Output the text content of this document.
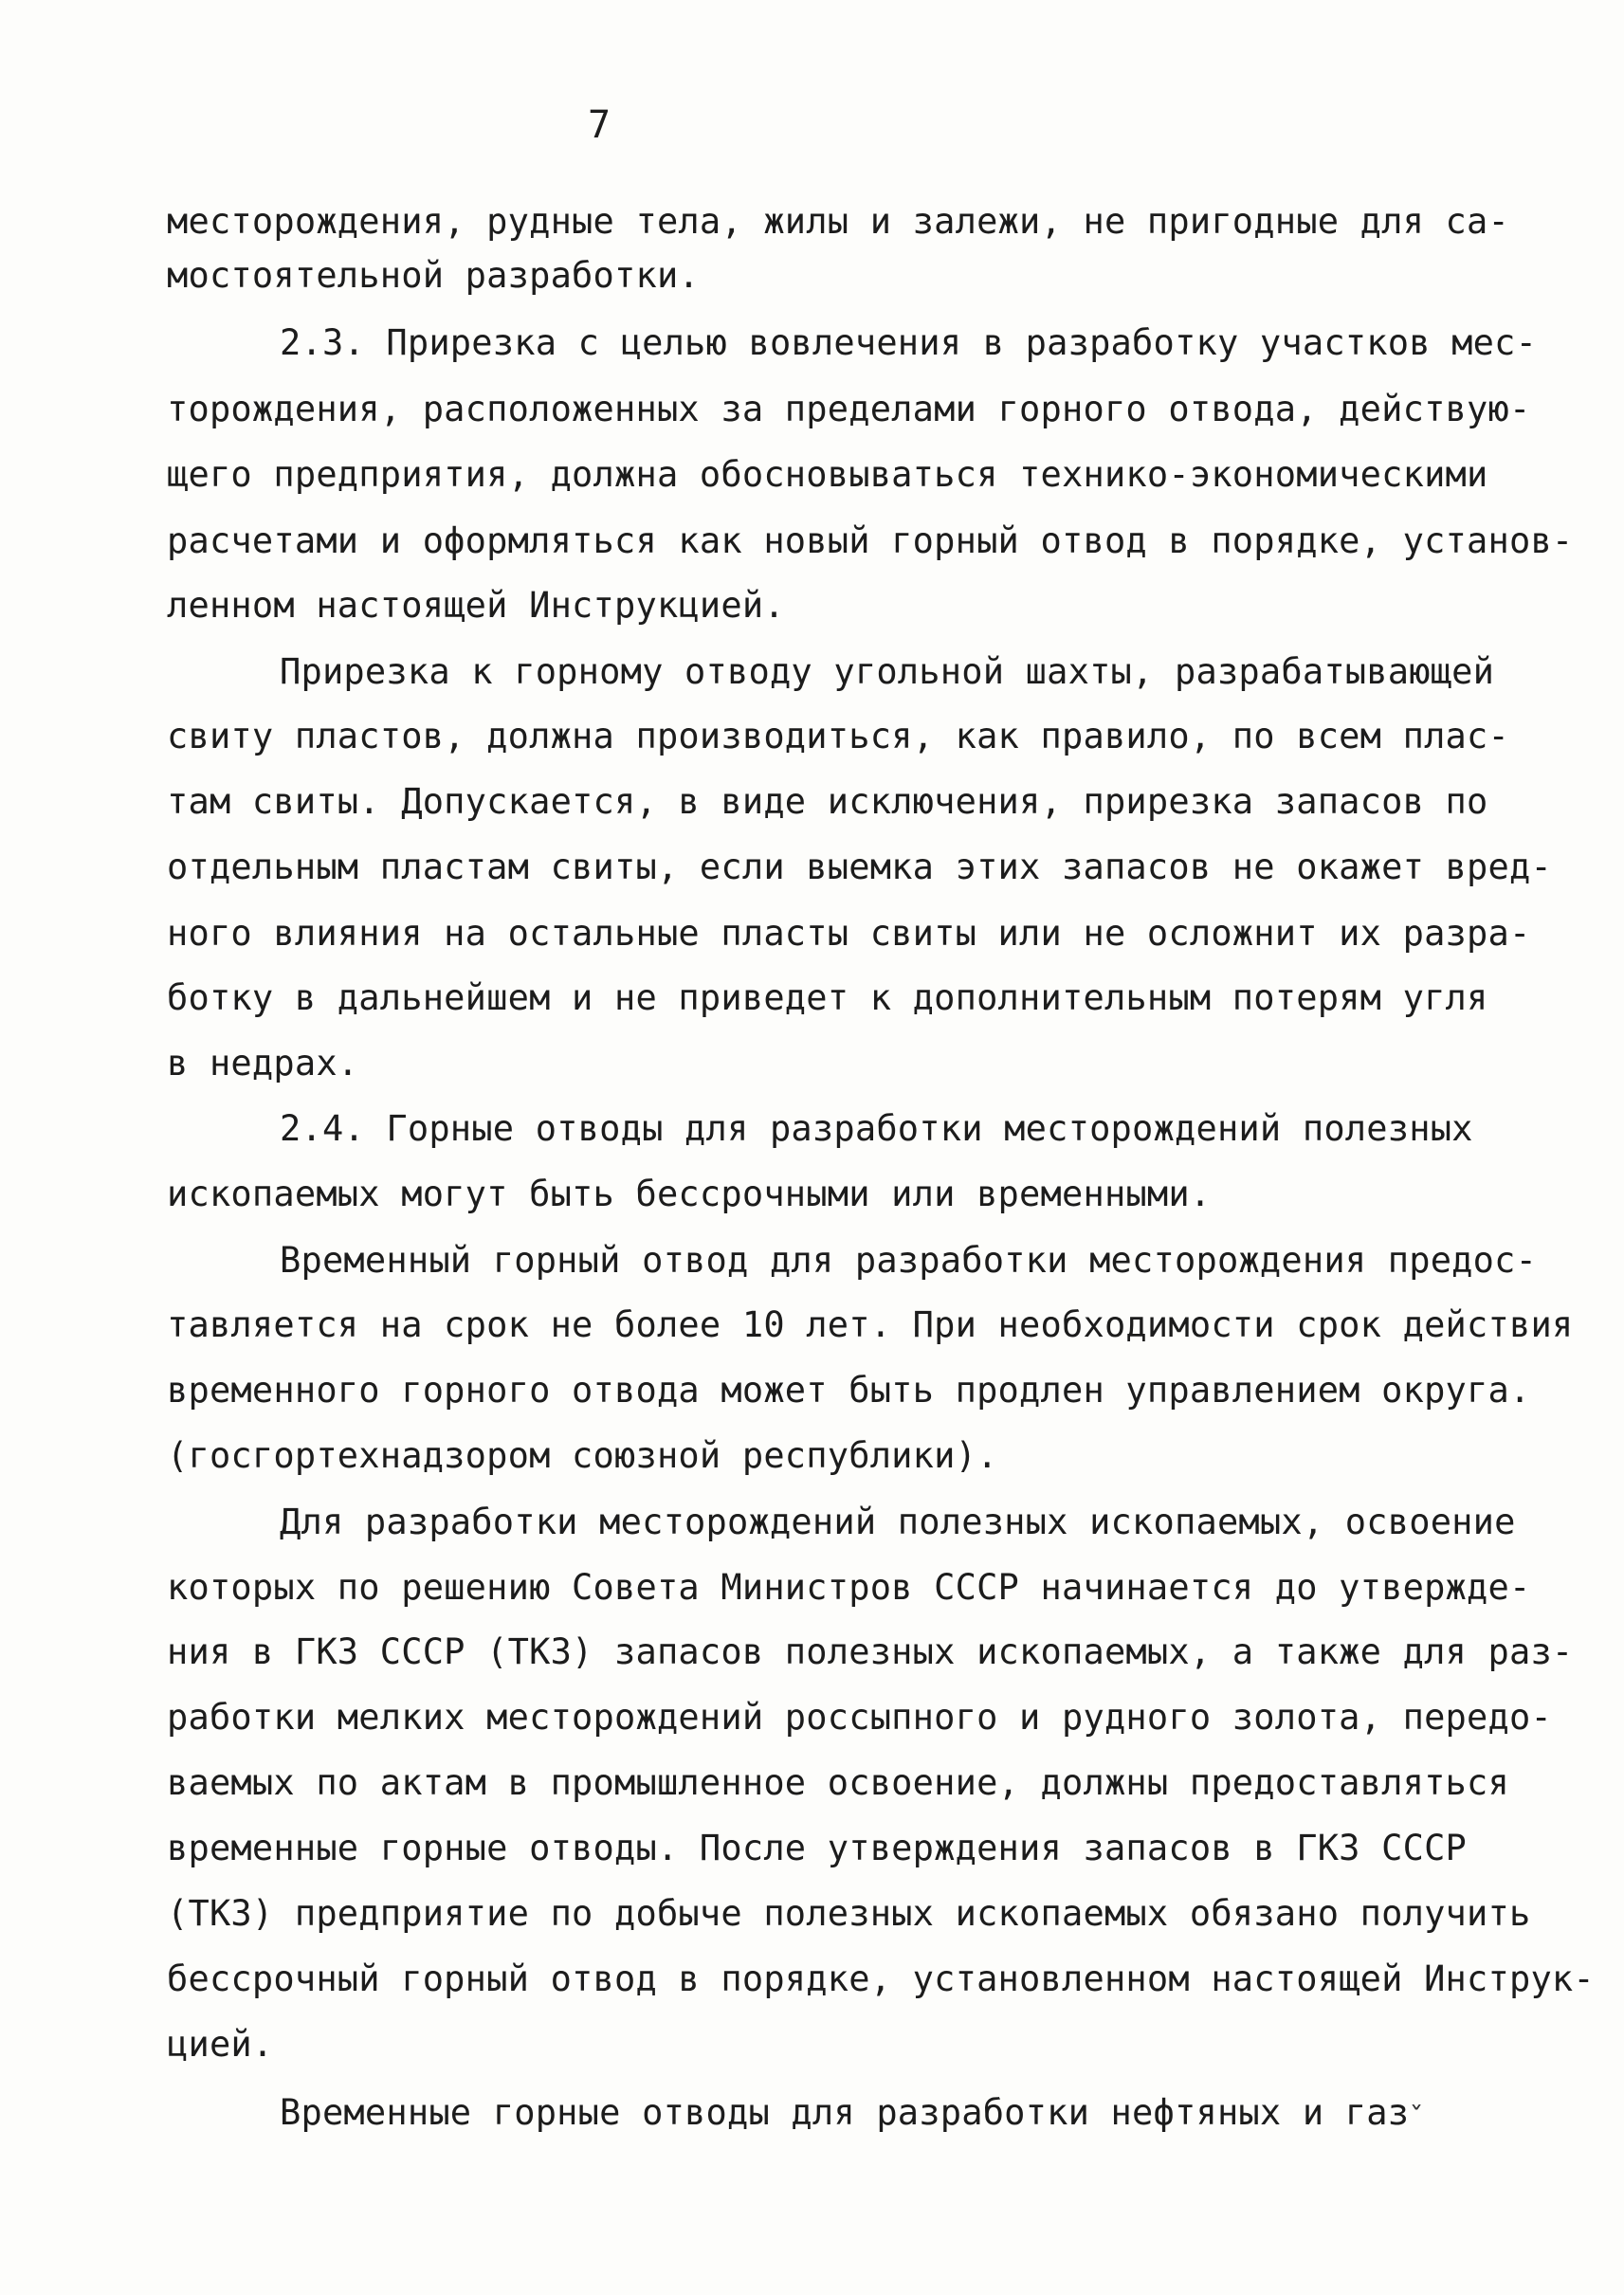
7
месторождения, рудные тела, жилы и залежи, не пригодные для са-
мостоятельной разработки.
2.3. Прирезка с целью вовлечения в разработку участков мес-
торождения, расположенных за пределами горного отвода, действую-
щего предприятия, должна обосновываться технико-экономическими
расчетами и оформляться как новый горный отвод в порядке, установ-
ленном настоящей Инструкцией.
Прирезка к горному отводу угольной шахты, разрабатывающей
свиту пластов, должна производиться, как правило, по всем плас-
там свиты. Допускается, в виде исключения, прирезка запасов по
отдельным пластам свиты, если выемка этих запасов не окажет вред-
ного влияния на остальные пласты свиты или не осложнит их разра-
ботку в дальнейшем и не приведет к дополнительным потерям угля
в недрах.
2.4. Горные отводы для разработки месторождений полезных
ископаемых могут быть бессрочными или временными.
Временный горный отвод для разработки месторождения предос-
тавляется на срок не более 10 лет. При необходимости срок действия
временного горного отвода может быть продлен управлением округа.
(госгортехнадзором союзной республики).
Для разработки месторождений полезных ископаемых, освоение
которых по решению Совета Министров СССР начинается до утвержде-
ния в ГКЗ СССР (ТКЗ) запасов полезных ископаемых, а также для раз-
работки мелких месторождений россыпного и рудного золота, передо-
ваемых по актам в промышленное освоение, должны предоставляться
временные горные отводы. После утверждения запасов в ГКЗ СССР
(ТКЗ) предприятие по добыче полезных ископаемых обязано получить
бессрочный горный отвод в порядке, установленном настоящей Инструк-
цией.
Временные горные отводы для разработки нефтяных и газ
ˇ
